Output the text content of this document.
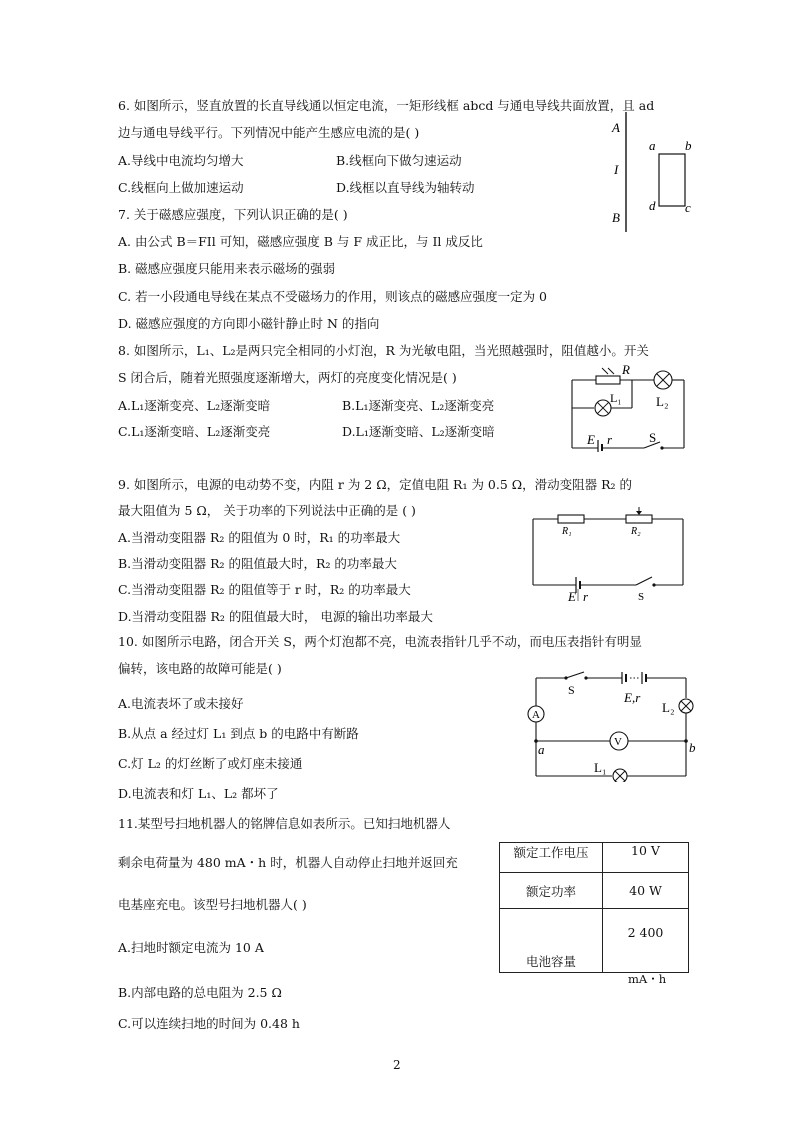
6. 如图所示，竖直放置的长直导线通以恒定电流，一矩形线框 abcd 与通电导线共面放置，且 ad
边与通电导线平行。下列情况中能产生感应电流的是( )
A.导线中电流均匀增大	B.线框向下做匀速运动
C.线框向上做加速运动	D.线框以直导线为轴转动
A
I
B
a b
c
d
7. 关于磁感应强度，下列认识正确的是( )
A. 由公式 B＝FIl 可知，磁感应强度 B 与 F 成正比，与 Il 成反比
B. 磁感应强度只能用来表示磁场的强弱
C. 若一小段通电导线在某点不受磁场力的作用，则该点的磁感应强度一定为 0
D. 磁感应强度的方向即小磁针静止时 N 的指向
8. 如图所示，L₁、L₂是两只完全相同的小灯泡，R 为光敏电阻，当光照越强时，阻值越小。开关
S 闭合后，随着光照强度逐渐增大，两灯的亮度变化情况是( )
A.L₁逐渐变亮、L₂逐渐变暗	B.L₁逐渐变亮、L₂逐渐变亮
C.L₁逐渐变暗、L₂逐渐变亮	D.L₁逐渐变暗、L₂逐渐变暗
R
L₁	L₂
E r	S
9. 如图所示，电源的电动势不变，内阻 r 为 2 Ω，定值电阻 R₁ 为 0.5 Ω，滑动变阻器 R₂ 的
最大阻值为 5 Ω， 关于功率的下列说法中正确的是 ( )
A.当滑动变阻器 R₂ 的阻值为 0 时，R₁ 的功率最大
B.当滑动变阻器 R₂ 的阻值最大时，R₂ 的功率最大
C.当滑动变阻器 R₂ 的阻值等于 r 时，R₂ 的功率最大
D.当滑动变阻器 R₂ 的阻值最大时， 电源的输出功率最大
R₁	R₂
E r	S
10. 如图所示电路，闭合开关 S，两个灯泡都不亮，电流表指针几乎不动，而电压表指针有明显
偏转，该电路的故障可能是( )
A.电流表坏了或未接好
B.从点 a 经过灯 L₁ 到点 b 的电路中有断路
C.灯 L₂ 的灯丝断了或灯座未接通
D.电流表和灯 L₁、L₂ 都坏了
S	E,r
L₂
A
V
a	b
L₁
11.某型号扫地机器人的铭牌信息如表所示。已知扫地机器人
剩余电荷量为 480 mA・h 时，机器人自动停止扫地并返回充
电基座充电。该型号扫地机器人( )
A.扫地时额定电流为 10 A
B.内部电路的总电阻为 2.5 Ω
C.可以连续扫地的时间为 0.48 h
额定工作电压	10 V
额定功率	40 W
电池容量	2 400
mA・h
2
